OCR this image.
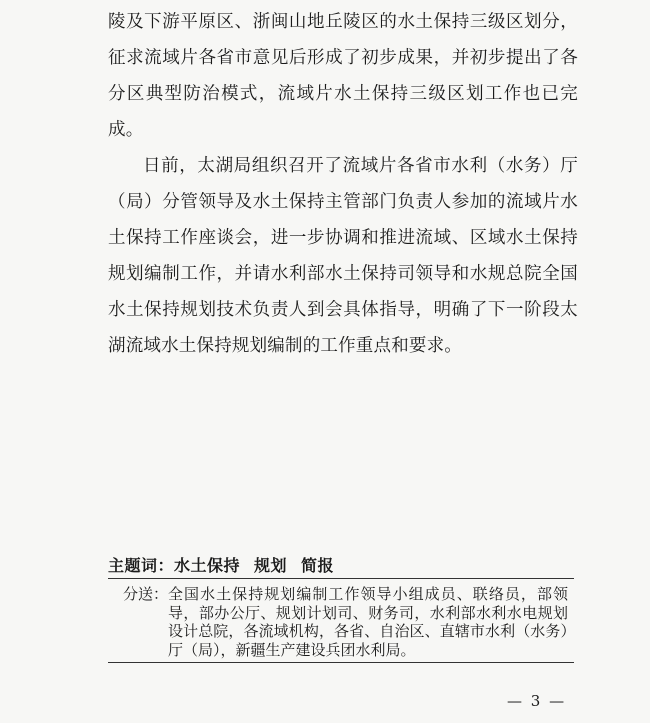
陵及下游平原区、浙闽山地丘陵区的水土保持三级区划分，征求流域片各省市意见后形成了初步成果，并初步提出了各分区典型防治模式，流域片水土保持三级区划工作也已完成。

日前，太湖局组织召开了流域片各省市水利（水务）厅（局）分管领导及水土保持主管部门负责人参加的流域片水土保持工作座谈会，进一步协调和推进流域、区域水土保持规划编制工作，并请水利部水土保持司领导和水规总院全国水土保持规划技术负责人到会具体指导，明确了下一阶段太湖流域水土保持规划编制的工作重点和要求。

主题词：水土保持 规划 简报
分送： 全国水土保持规划编制工作领导小组成员、联络员，部领导，部办公厅、规划计划司、财务司，水利部水利水电规划设计总院，各流域机构，各省、自治区、直辖市水利（水务）厅（局），新疆生产建设兵团水利局。
— 3 —
